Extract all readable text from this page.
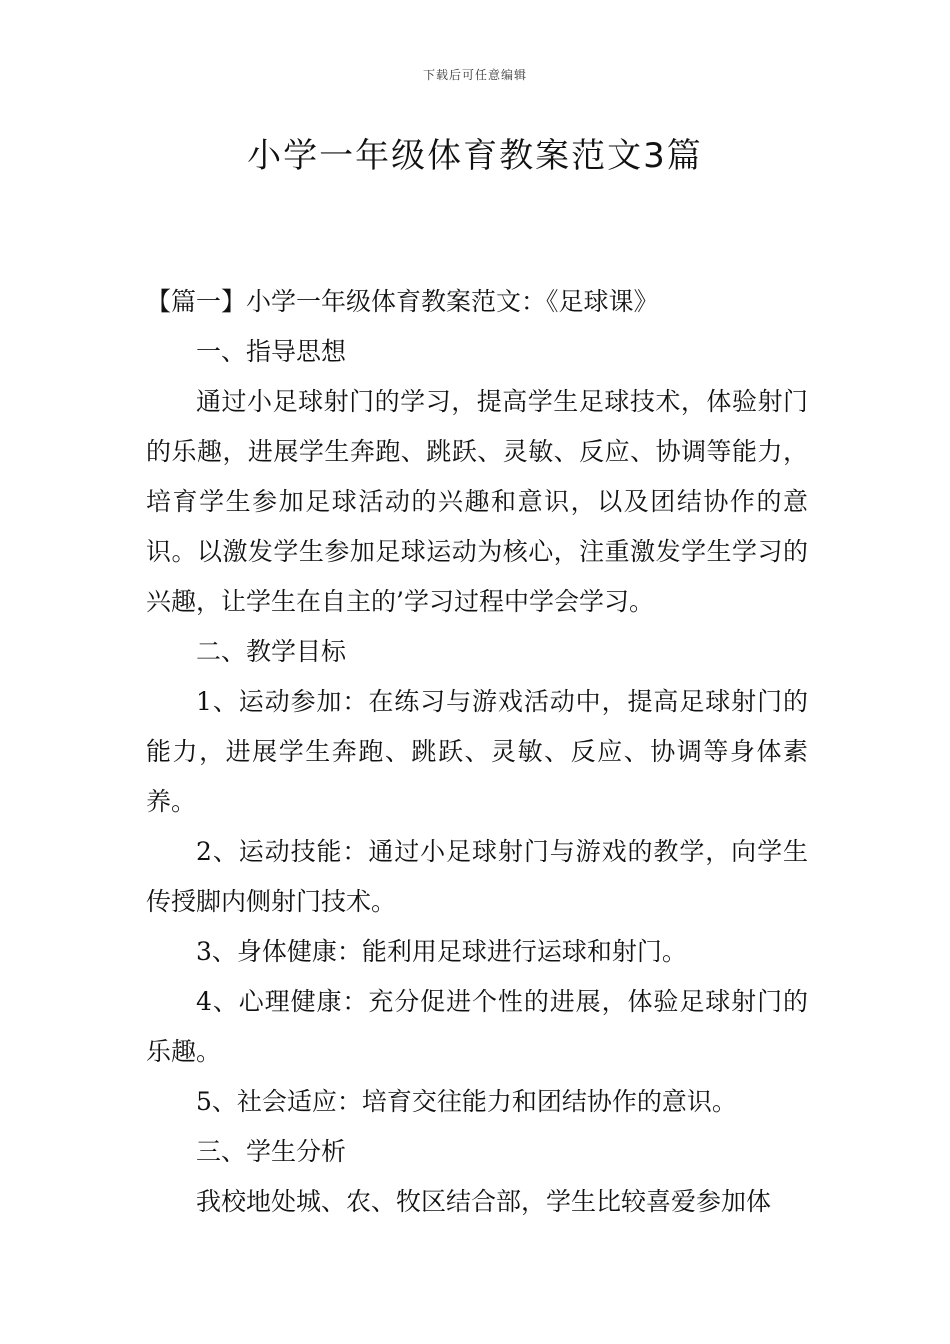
下载后可任意编辑
小学一年级体育教案范文3篇

【篇一】小学一年级体育教案范文：《足球课》

一、指导思想

通过小足球射门的学习，提高学生足球技术，体验射门的乐趣，进展学生奔跑、跳跃、灵敏、反应、协调等能力，培育学生参加足球活动的兴趣和意识，以及团结协作的意识。以激发学生参加足球运动为核心，注重激发学生学习的兴趣，让学生在自主的’学习过程中学会学习。

二、教学目标

1、运动参加：在练习与游戏活动中，提高足球射门的能力，进展学生奔跑、跳跃、灵敏、反应、协调等身体素养。

2、运动技能：通过小足球射门与游戏的教学，向学生传授脚内侧射门技术。

3、身体健康：能利用足球进行运球和射门。

4、心理健康：充分促进个性的进展，体验足球射门的乐趣。

5、社会适应：培育交往能力和团结协作的意识。

三、学生分析

我校地处城、农、牧区结合部，学生比较喜爱参加体
